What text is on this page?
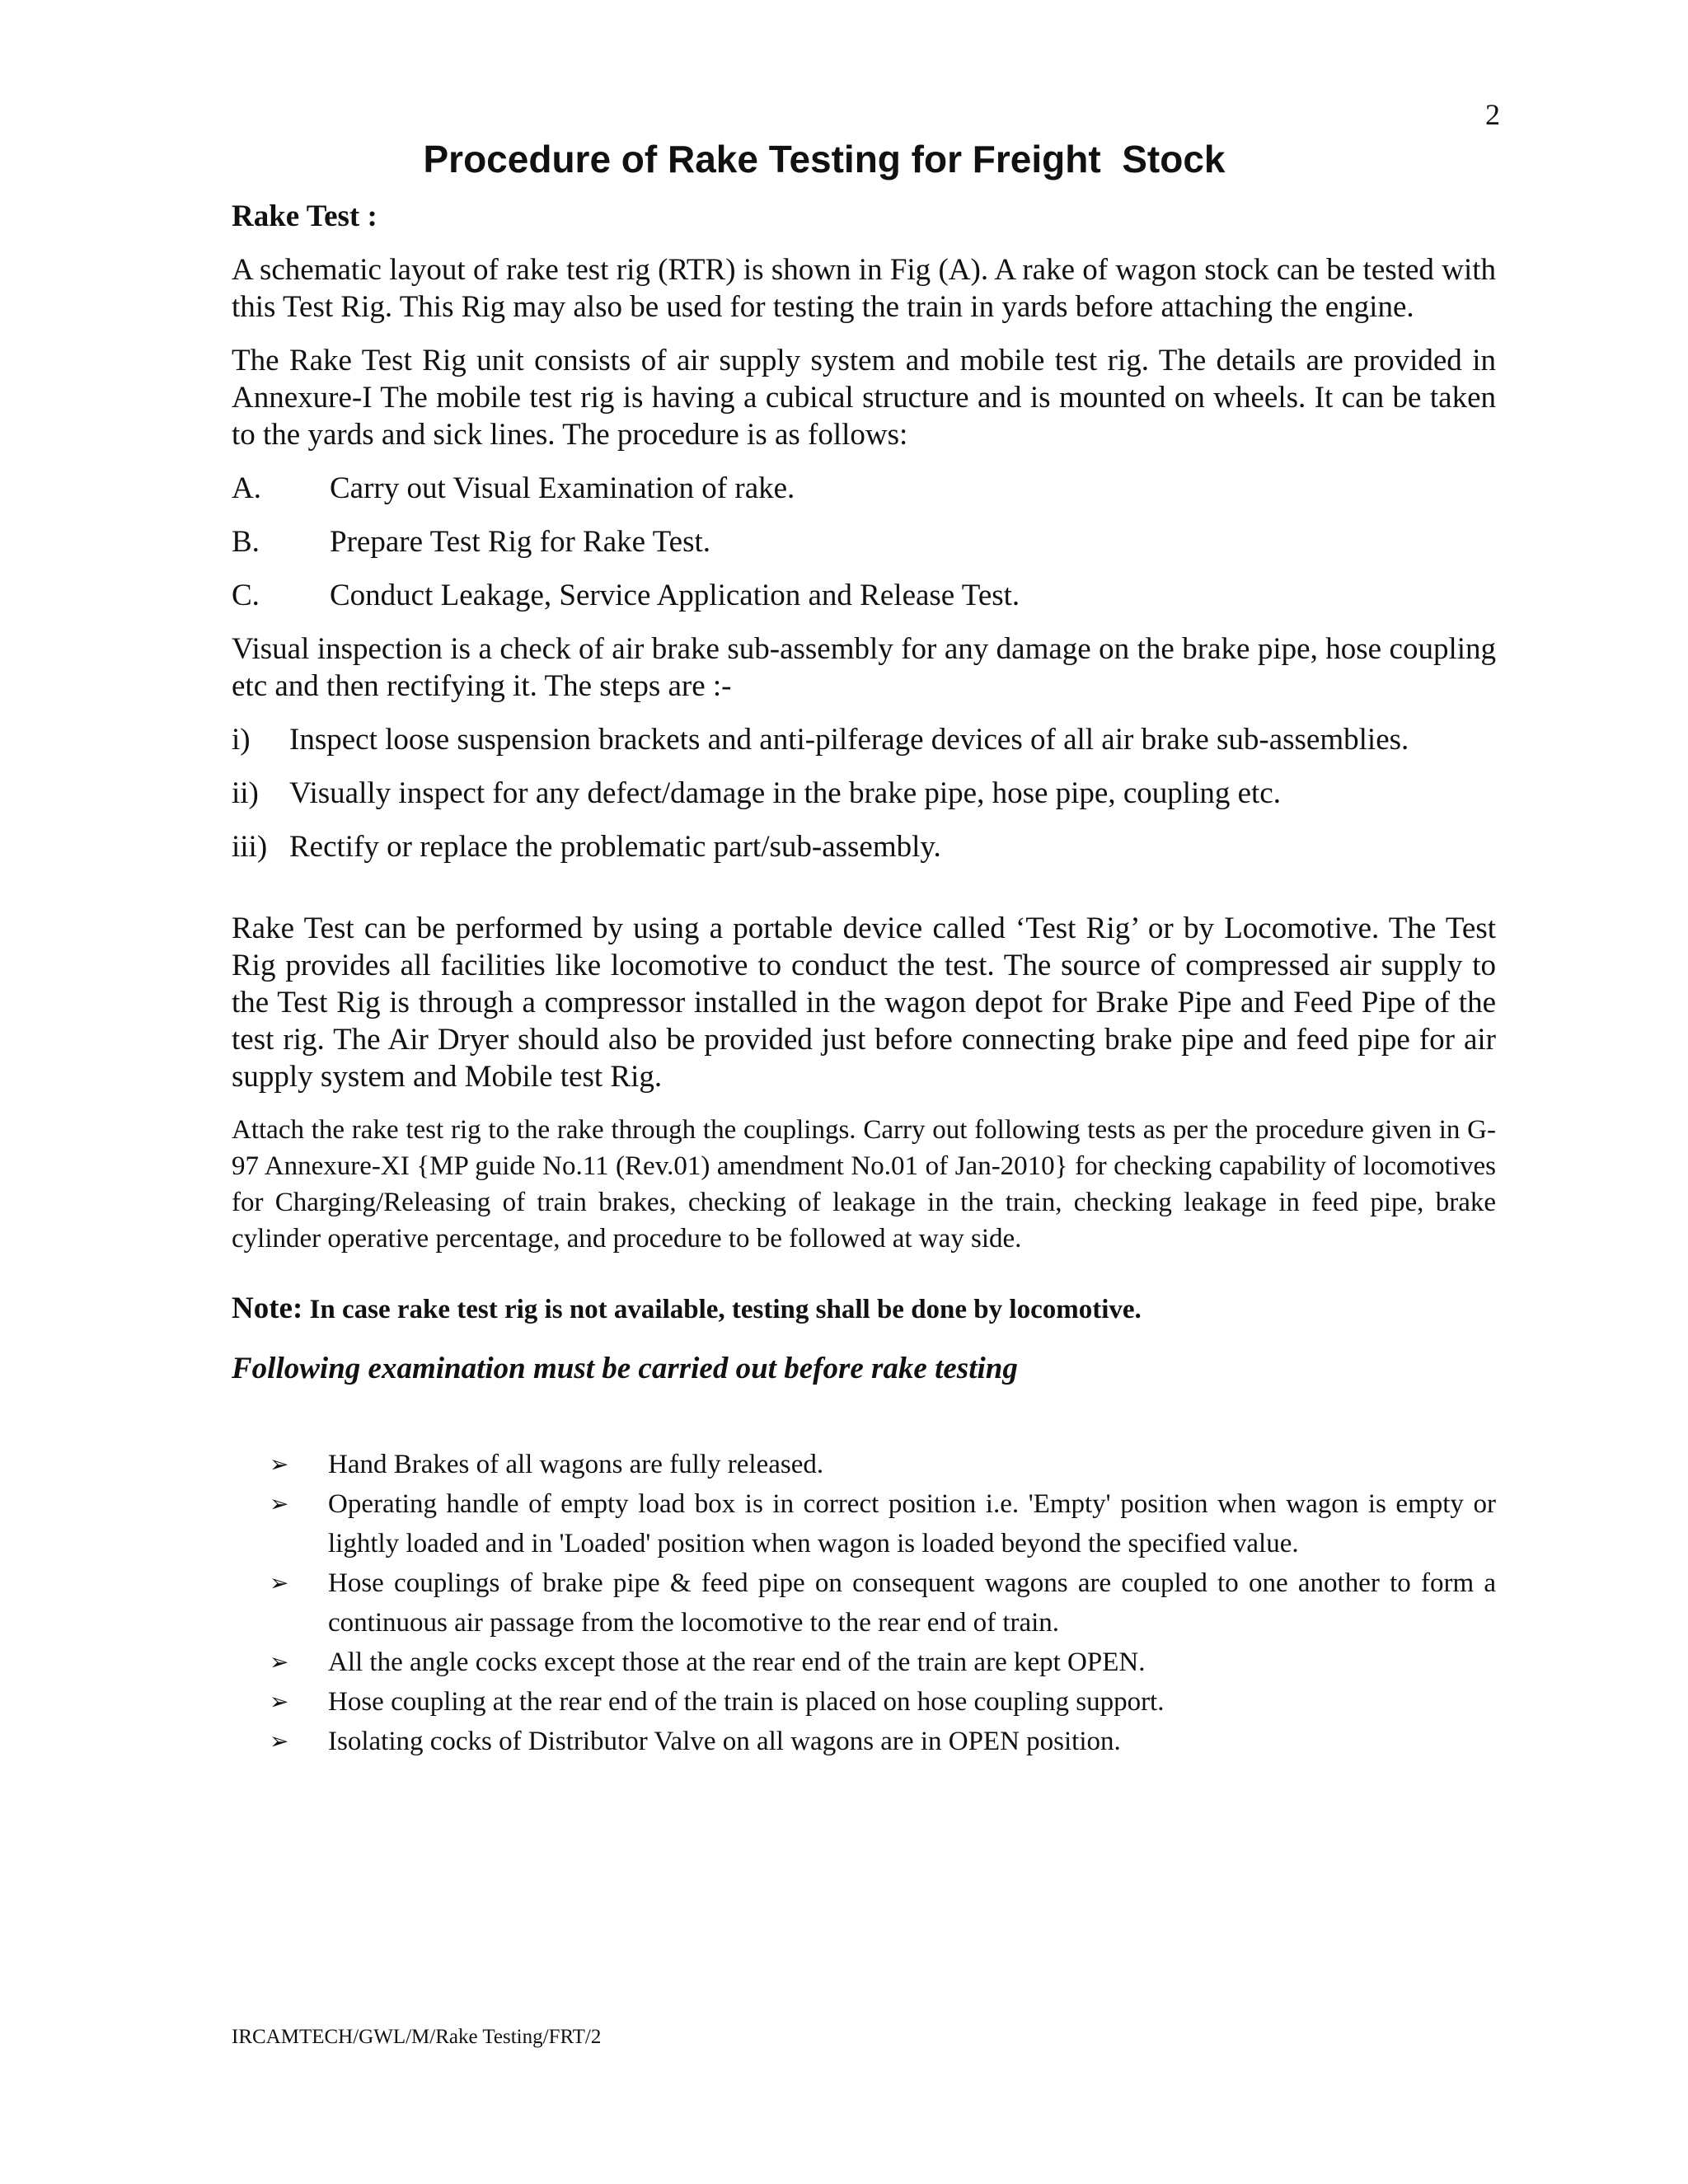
2
Procedure of Rake Testing for Freight  Stock
Rake Test :

A schematic layout of rake test rig (RTR) is shown in Fig (A). A rake of wagon stock can be tested with this Test Rig. This Rig may also be used for testing the train in yards before attaching the engine.

The Rake Test Rig unit consists of air supply system and mobile test rig. The details are provided in Annexure-I The mobile test rig is having a cubical structure and is mounted on wheels. It can be taken to the yards and sick lines. The procedure is as follows:

A.	Carry out Visual Examination of rake.
B.	Prepare Test Rig for Rake Test.
C.	Conduct Leakage, Service Application and Release Test.

Visual inspection is a check of air brake sub-assembly for any damage on the brake pipe, hose coupling etc and then rectifying it. The steps are :-

i)	Inspect loose suspension brackets and anti-pilferage devices of all air brake sub-assemblies.
ii)	Visually inspect for any defect/damage in the brake pipe, hose pipe, coupling etc.
iii) Rectify or replace the problematic part/sub-assembly.

Rake Test can be performed by using a portable device called ‘Test Rig’ or by Locomotive. The Test Rig provides all facilities like locomotive to conduct the test. The source of compressed air supply to the Test Rig is through a compressor installed in the wagon depot for Brake Pipe and Feed Pipe of the test rig. The Air Dryer should also be provided just before connecting brake pipe and feed pipe for air supply system and Mobile test Rig.

Attach the rake test rig to the rake through the couplings. Carry out following tests as per the procedure given in G-97 Annexure-XI {MP guide No.11 (Rev.01) amendment No.01 of Jan-2010} for checking capability of locomotives for Charging/Releasing of train brakes, checking of leakage in the train, checking leakage in feed pipe, brake cylinder operative percentage, and procedure to be followed at way side.

Note: In case rake test rig is not available, testing shall be done by locomotive.
Following examination must be carried out before rake testing
➢	Hand Brakes of all wagons are fully released.
➢	Operating handle of empty load box is in correct position i.e. 'Empty' position when wagon is empty or lightly loaded and in 'Loaded' position when wagon is loaded beyond the specified value.
➢	Hose couplings of brake pipe & feed pipe on consequent wagons are coupled to one another to form a continuous air passage from the locomotive to the rear end of train.
➢	All the angle cocks except those at the rear end of the train are kept OPEN.
➢	Hose coupling at the rear end of the train is placed on hose coupling support.
➢	Isolating cocks of Distributor Valve on all wagons are in OPEN position.
IRCAMTECH/GWL/M/Rake Testing/FRT/2
